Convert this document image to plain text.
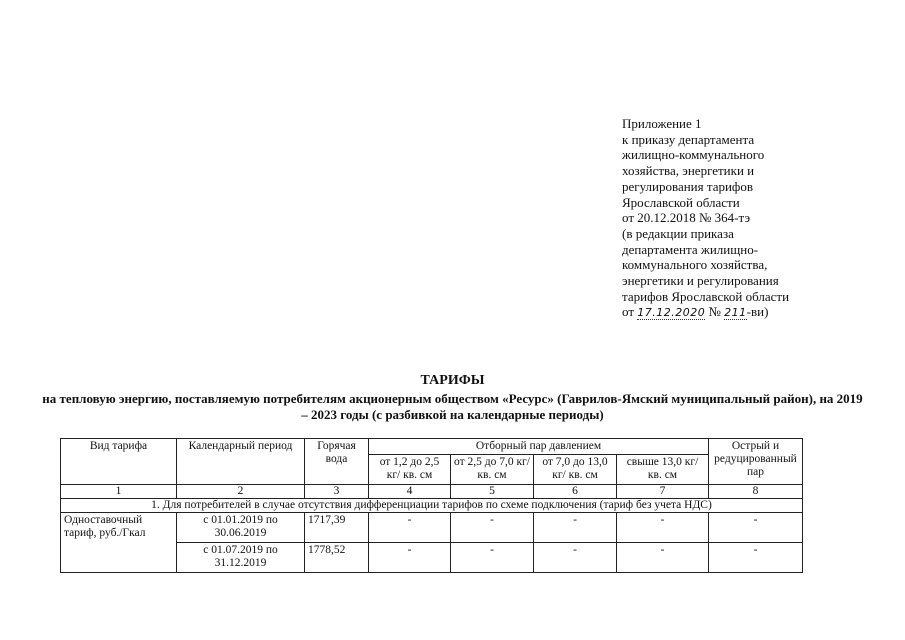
Приложение 1
к приказу департамента
жилищно-коммунального
хозяйства, энергетики и
регулирования тарифов
Ярославской области
от 20.12.2018 № 364-тэ
(в редакции приказа
департамента жилищно-
коммунального хозяйства,
энергетики и регулирования
тарифов Ярославской области
от 17.12.2020 № 211-ви)
ТАРИФЫ
на тепловую энергию, поставляемую потребителям акционерным обществом «Ресурс» (Гаврилов-Ямский муниципальный район), на 2019 – 2023 годы (с разбивкой на календарные периоды)
Вид тарифа	Календарный период	Горячая вода	Отборный пар давлением				Острый и редуцированный пар
			от 1,2 до 2,5 кг/ кв. см	от 2,5 до 7,0 кг/ кв. см	от 7,0 до 13,0 кг/ кв. см	свыше 13,0 кг/ кв. см	
1	2	3	4	5	6	7	8
1. Для потребителей в случае отсутствия дифференциации тарифов по схеме подключения (тариф без учета НДС)							
Одноставочный тариф, руб./Гкал	с 01.01.2019 по 30.06.2019	1717,39	-	-	-	-	-
	с 01.07.2019 по 31.12.2019	1778,52	-	-	-	-	-
